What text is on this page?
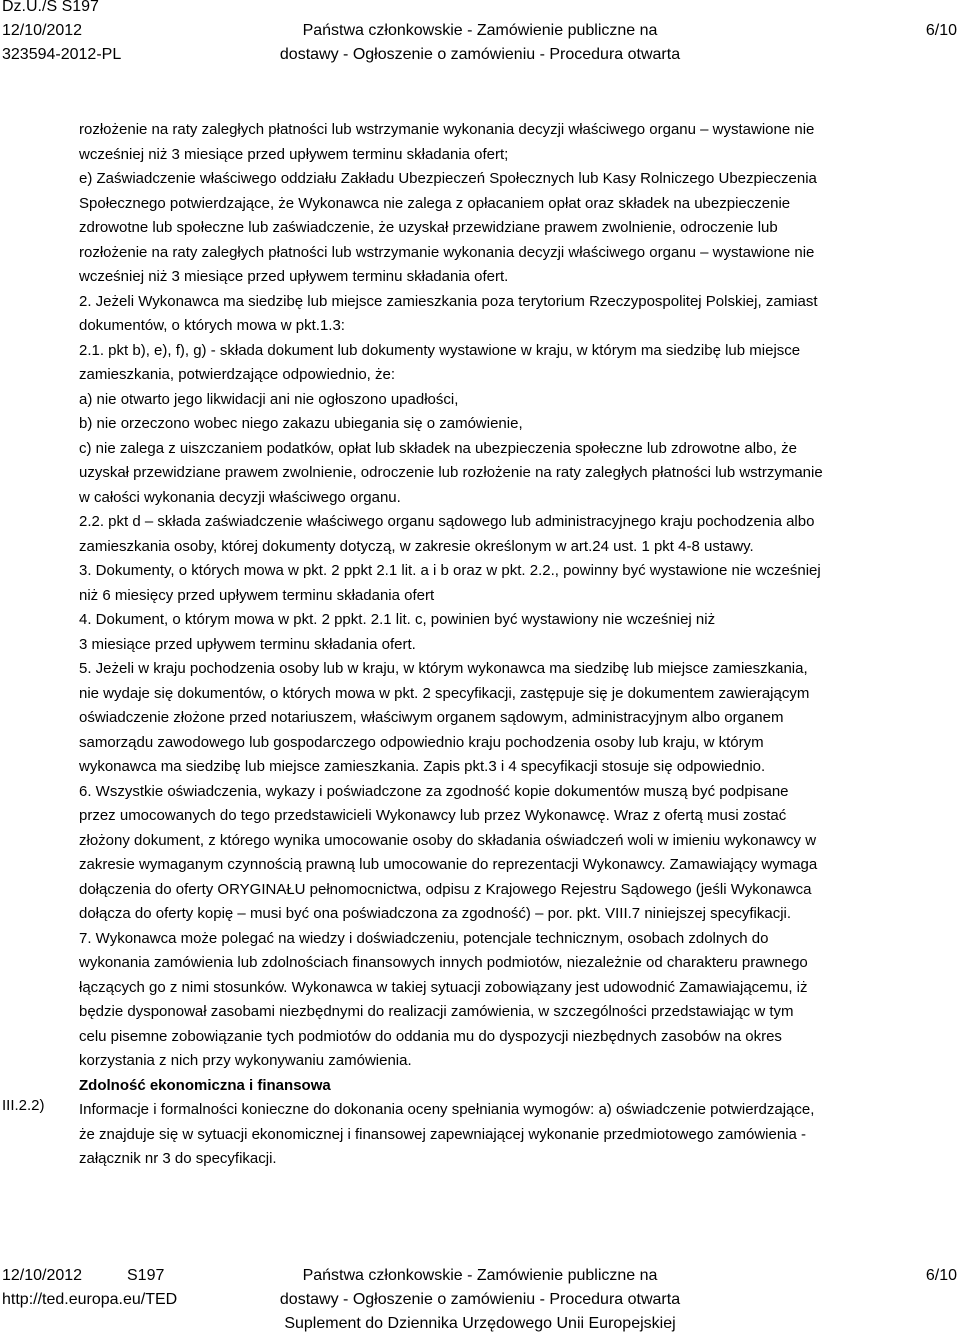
Dz.U./S S197
12/10/2012
323594-2012-PL
Państwa członkowskie - Zamówienie publiczne na
dostawy - Ogłoszenie o zamówieniu - Procedura otwarta
6/10

rozłożenie na raty zaległych płatności lub wstrzymanie wykonania decyzji właściwego organu – wystawione nie

wcześniej niż 3 miesiące przed upływem terminu składania ofert;

e) Zaświadczenie właściwego oddziału Zakładu Ubezpieczeń Społecznych lub Kasy Rolniczego Ubezpieczenia

Społecznego potwierdzające, że Wykonawca nie zalega z opłacaniem opłat oraz składek na ubezpieczenie

zdrowotne lub społeczne lub zaświadczenie, że uzyskał przewidziane prawem zwolnienie, odroczenie lub

rozłożenie na raty zaległych płatności lub wstrzymanie wykonania decyzji właściwego organu – wystawione nie

wcześniej niż 3 miesiące przed upływem terminu składania ofert.

2. Jeżeli Wykonawca ma siedzibę lub miejsce zamieszkania poza terytorium Rzeczypospolitej Polskiej, zamiast

dokumentów, o których mowa w pkt.1.3:

2.1. pkt b), e), f), g) - składa dokument lub dokumenty wystawione w kraju, w którym ma siedzibę lub miejsce

zamieszkania, potwierdzające odpowiednio, że:

a) nie otwarto jego likwidacji ani nie ogłoszono upadłości,

b) nie orzeczono wobec niego zakazu ubiegania się o zamówienie,

c) nie zalega z uiszczaniem podatków, opłat lub składek na ubezpieczenia społeczne lub zdrowotne albo, że

uzyskał przewidziane prawem zwolnienie, odroczenie lub rozłożenie na raty zaległych płatności lub wstrzymanie

w całości wykonania decyzji właściwego organu.

2.2. pkt d – składa zaświadczenie właściwego organu sądowego lub administracyjnego kraju pochodzenia albo

zamieszkania osoby, której dokumenty dotyczą, w zakresie określonym w art.24 ust. 1 pkt 4-8 ustawy.

3. Dokumenty, o których mowa w pkt. 2 ppkt 2.1 lit. a i b oraz w pkt. 2.2., powinny być wystawione nie wcześniej

niż 6 miesięcy przed upływem terminu składania ofert

4. Dokument, o którym mowa w pkt. 2 ppkt. 2.1 lit. c, powinien być wystawiony nie wcześniej niż

3 miesiące przed upływem terminu składania ofert.

5. Jeżeli w kraju pochodzenia osoby lub w kraju, w którym wykonawca ma siedzibę lub miejsce zamieszkania,

nie wydaje się dokumentów, o których mowa w pkt. 2 specyfikacji, zastępuje się je dokumentem zawierającym

oświadczenie złożone przed notariuszem, właściwym organem sądowym, administracyjnym albo organem

samorządu zawodowego lub gospodarczego odpowiednio kraju pochodzenia osoby lub kraju, w którym

wykonawca ma siedzibę lub miejsce zamieszkania. Zapis pkt.3 i 4 specyfikacji stosuje się odpowiednio.

6. Wszystkie oświadczenia, wykazy i poświadczone za zgodność kopie dokumentów muszą być podpisane

przez umocowanych do tego przedstawicieli Wykonawcy lub przez Wykonawcę. Wraz z ofertą musi zostać

złożony dokument, z którego wynika umocowanie osoby do składania oświadczeń woli w imieniu wykonawcy w

zakresie wymaganym czynnością prawną lub umocowanie do reprezentacji Wykonawcy. Zamawiający wymaga

dołączenia do oferty ORYGINAŁU pełnomocnictwa, odpisu z Krajowego Rejestru Sądowego (jeśli Wykonawca

dołącza do oferty kopię – musi być ona poświadczona za zgodność) – por. pkt. VIII.7 niniejszej specyfikacji.

7. Wykonawca może polegać na wiedzy i doświadczeniu, potencjale technicznym, osobach zdolnych do

wykonania zamówienia lub zdolnościach finansowych innych podmiotów, niezależnie od charakteru prawnego

łączących go z nimi stosunków. Wykonawca w takiej sytuacji zobowiązany jest udowodnić Zamawiającemu, iż

będzie dysponował zasobami niezbędnymi do realizacji zamówienia, w szczególności przedstawiając w tym

celu pisemne zobowiązanie tych podmiotów do oddania mu do dyspozycji niezbędnych zasobów na okres

korzystania z nich przy wykonywaniu zamówienia.

Zdolność ekonomiczna i finansowa

Informacje i formalności konieczne do dokonania oceny spełniania wymogów: a) oświadczenie potwierdzające,

że znajduje się w sytuacji ekonomicznej i finansowej zapewniającej wykonanie przedmiotowego zamówienia -

załącznik nr 3 do specyfikacji.

III.2.2)
12/10/2012	S197
http://ted.europa.eu/TED
Państwa członkowskie - Zamówienie publiczne na
dostawy - Ogłoszenie o zamówieniu - Procedura otwarta
Suplement do Dziennika Urzędowego Unii Europejskiej
6/10
